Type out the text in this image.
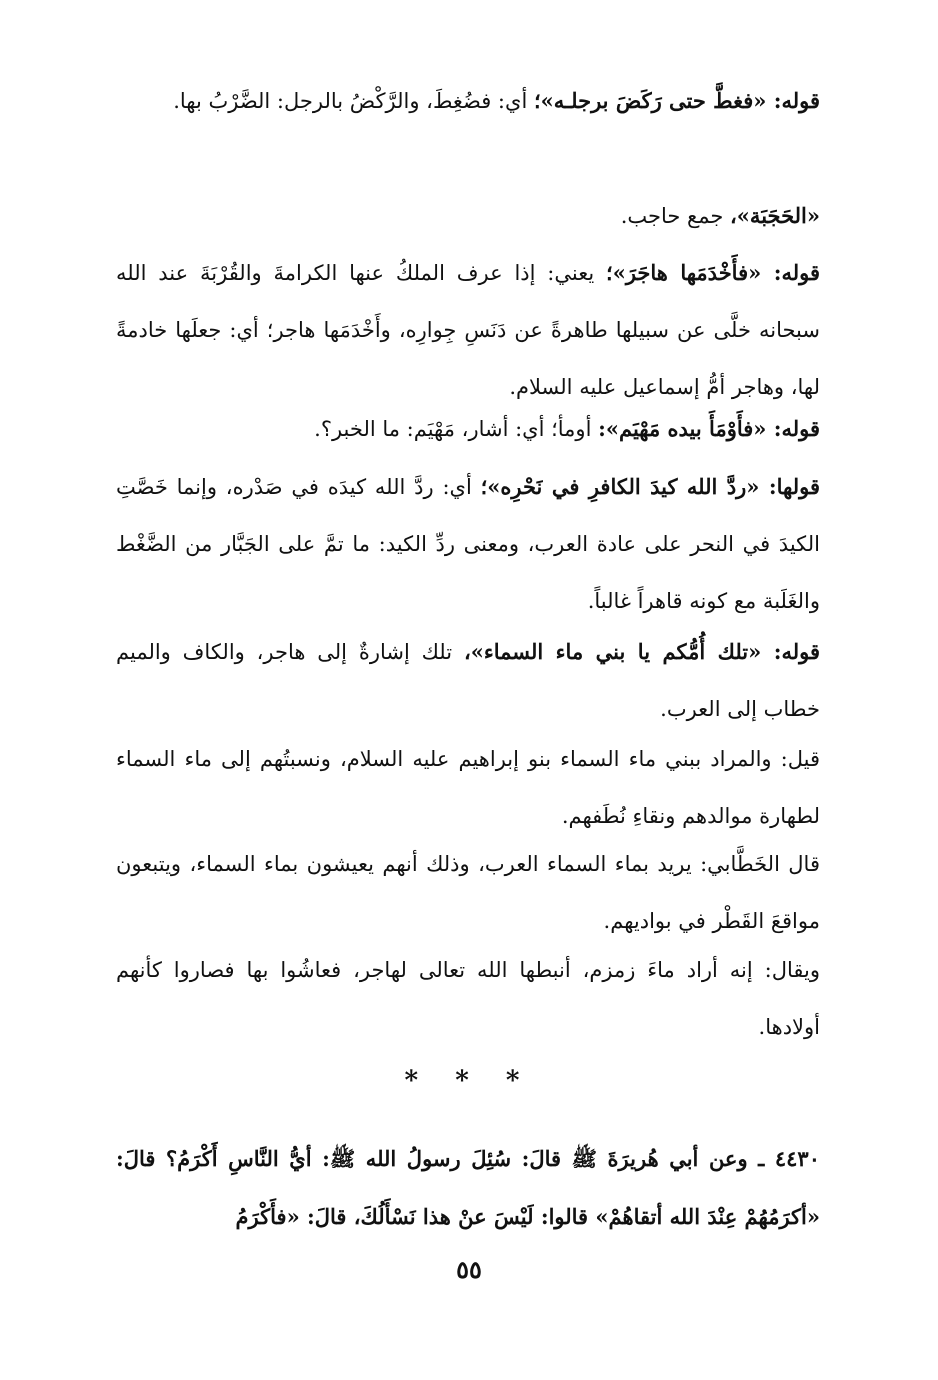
قوله: «فغطَّ حتى رَكَضَ برجلـه»؛ أي: فضُغِطَ، والرَّكْضُ بالرجل: الضَّرْبُ بها.

«الحَجَبَة»، جمع حاجب.

قوله: «فأَخْدَمَها هاجَرَ»؛ يعني: إذا عرف الملكُ عنها الكرامةَ والقُرْبَةَ عند الله سبحانه خلَّى عن سبيلها طاهرةً عن دَنَسِ جِوارِه، وأَخْدَمَها هاجر؛ أي: جعلَها خادمةً لها، وهاجر أمُّ إسماعيل عليه السلام.

قوله: «فأَوْمَأَ بيده مَهْيَم»: أومأ؛ أي: أشار، مَهْيَم: ما الخبر؟.

قولها: «ردَّ الله كيدَ الكافرِ في نَحْرِه»؛ أي: ردَّ الله كيدَه في صَدْره، وإنما خَصَّتِ الكيدَ في النحر على عادة العرب، ومعنى ردِّ الكيد: ما تمَّ على الجَبَّار من الضَّغْط والغَلَبة مع كونه قاهراً غالباً.

قوله: «تلك أُمُّكم يا بني ماء السماء»، تلك إشارةٌ إلى هاجر، والكاف والميم خطاب إلى العرب.

قيل: والمراد ببني ماء السماء بنو إبراهيم عليه السلام، ونسبتُهم إلى ماء السماء لطهارة موالدهم ونقاءِ نُطَفهم.

قال الخَطَّابي: يريد بماء السماء العرب، وذلك أنهم يعيشون بماء السماء، ويتبعون مواقعَ القَطْر في بواديهم.

ويقال: إنه أراد ماءَ زمزم، أنبطها الله تعالى لهاجر، فعاشُوا بها فصاروا كأنهم أولادها.

* * *

٤٤٣٠ ـ وعن أبي هُريرَةَ ﷺ قالَ: سُئِلَ رسولُ الله ﷺ: أيُّ النَّاسِ أَكْرَمُ؟ قالَ: «أكرَمُهُمْ عِنْدَ الله أتقاهُمْ» قالوا: لَيْسَ عنْ هذا نَسْأَلُكَ، قالَ: «فأَكْرَمُ

٥٥
